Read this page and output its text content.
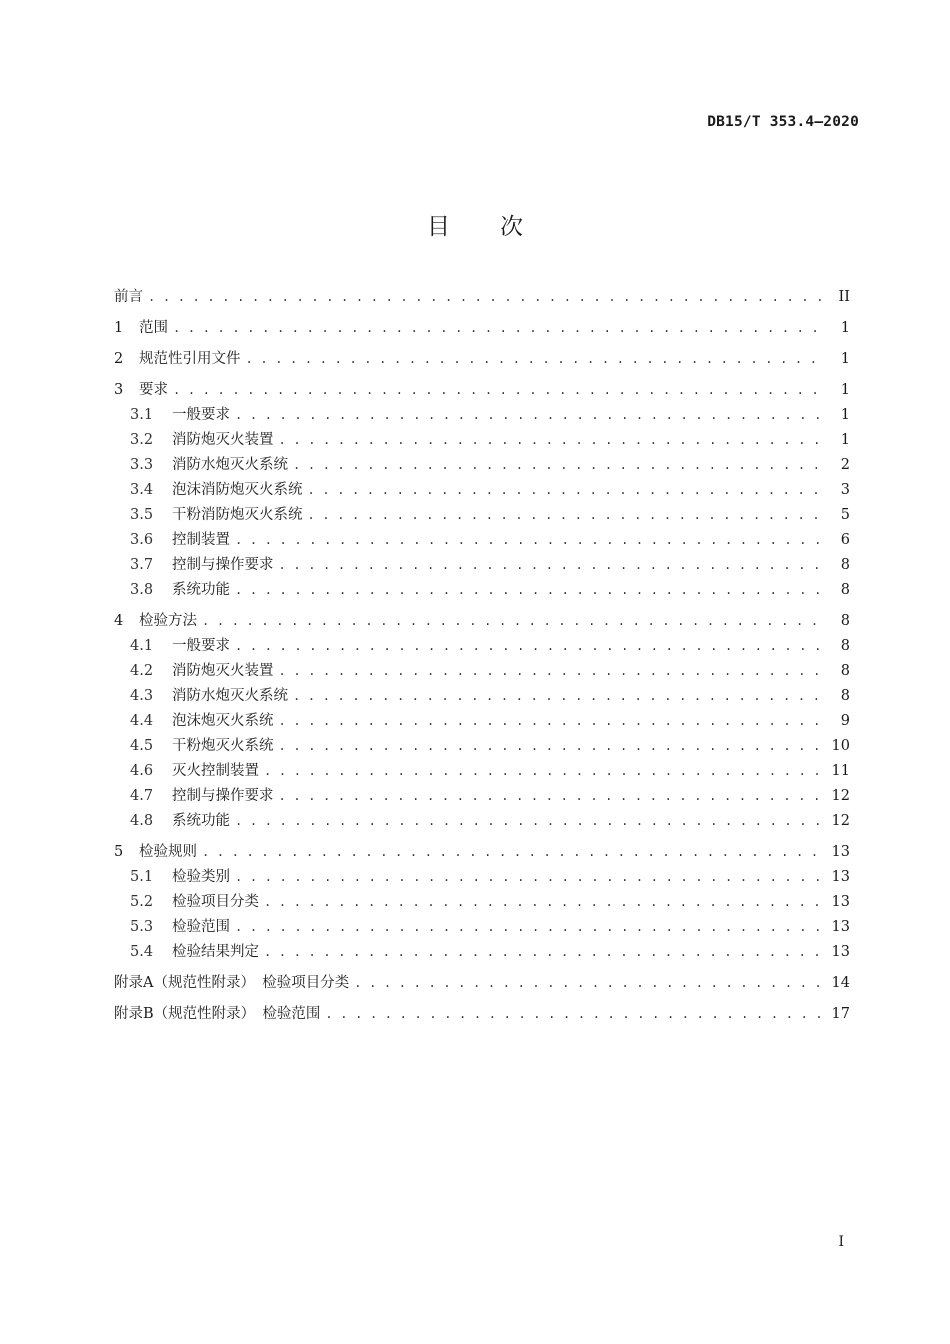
DB15/T 353.4—2020
目次
前言 . . .	II
1	范围 . . .	1
2	规范性引用文件 . . .	1
3	要求 . . .	1
3.1	一般要求 . . .	1
3.2	消防炮灭火装置 . . .	1
3.3	消防水炮灭火系统 . . .	2
3.4	泡沫消防炮灭火系统 . . .	3
3.5	干粉消防炮灭火系统 . . .	5
3.6	控制装置 . . .	6
3.7	控制与操作要求 . . .	8
3.8	系统功能 . . .	8
4	检验方法 . . .	8
4.1	一般要求 . . .	8
4.2	消防炮灭火装置 . . .	8
4.3	消防水炮灭火系统 . . .	8
4.4	泡沫炮灭火系统 . . .	9
4.5	干粉炮灭火系统 . . .	10
4.6	灭火控制装置 . . .	11
4.7	控制与操作要求 . . .	12
4.8	系统功能 . . .	12
5	检验规则 . . .	13
5.1	检验类别 . . .	13
5.2	检验项目分类 . . .	13
5.3	检验范围 . . .	13
5.4	检验结果判定 . . .	13
附录A（规范性附录）　检验项目分类 . . .	14
附录B（规范性附录）　检验范围 . . .	17
I
